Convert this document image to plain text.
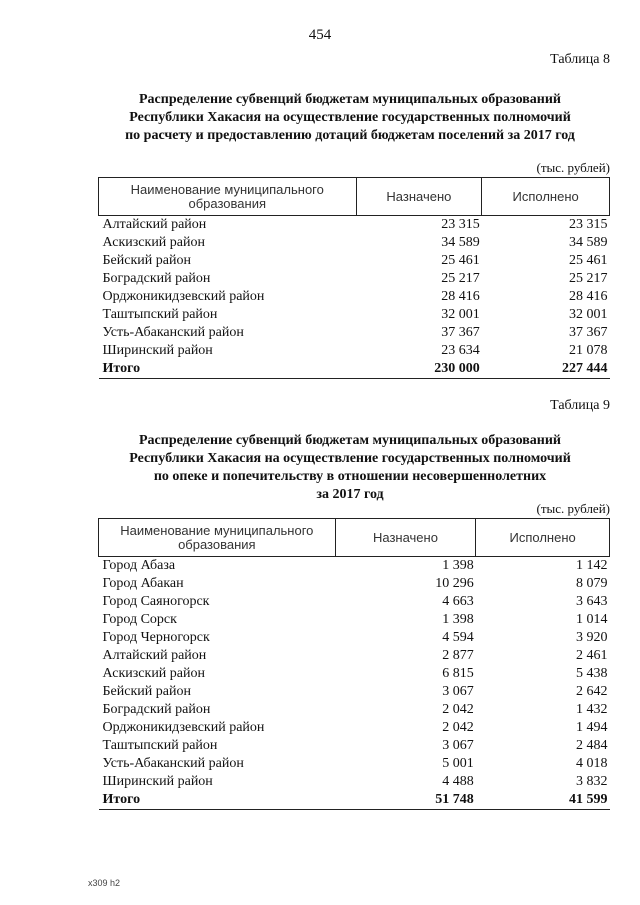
454
Таблица 8
Распределение субвенций бюджетам муниципальных образований
Республики Хакасия на осуществление государственных полномочий
по расчету и предоставлению дотаций бюджетам поселений за 2017 год
(тыс. рублей)
Наименование муниципального образования	Назначено	Исполнено
Алтайский район	23 315	23 315
Аскизский район	34 589	34 589
Бейский район	25 461	25 461
Боградский район	25 217	25 217
Орджоникидзевский район	28 416	28 416
Таштыпский район	32 001	32 001
Усть-Абаканский район	37 367	37 367
Ширинский район	23 634	21 078
Итого	230 000	227 444
Таблица 9
Распределение субвенций бюджетам муниципальных образований
Республики Хакасия на осуществление государственных полномочий
по опеке и попечительству в отношении несовершеннолетних
за 2017 год
(тыс. рублей)
Наименование муниципального образования	Назначено	Исполнено
Город Абаза	1 398	1 142
Город Абакан	10 296	8 079
Город Саяногорск	4 663	3 643
Город Сорск	1 398	1 014
Город Черногорск	4 594	3 920
Алтайский район	2 877	2 461
Аскизский район	6 815	5 438
Бейский район	3 067	2 642
Боградский район	2 042	1 432
Орджоникидзевский район	2 042	1 494
Таштыпский район	3 067	2 484
Усть-Абаканский район	5 001	4 018
Ширинский район	4 488	3 832
Итого	51 748	41 599
x309 h2
